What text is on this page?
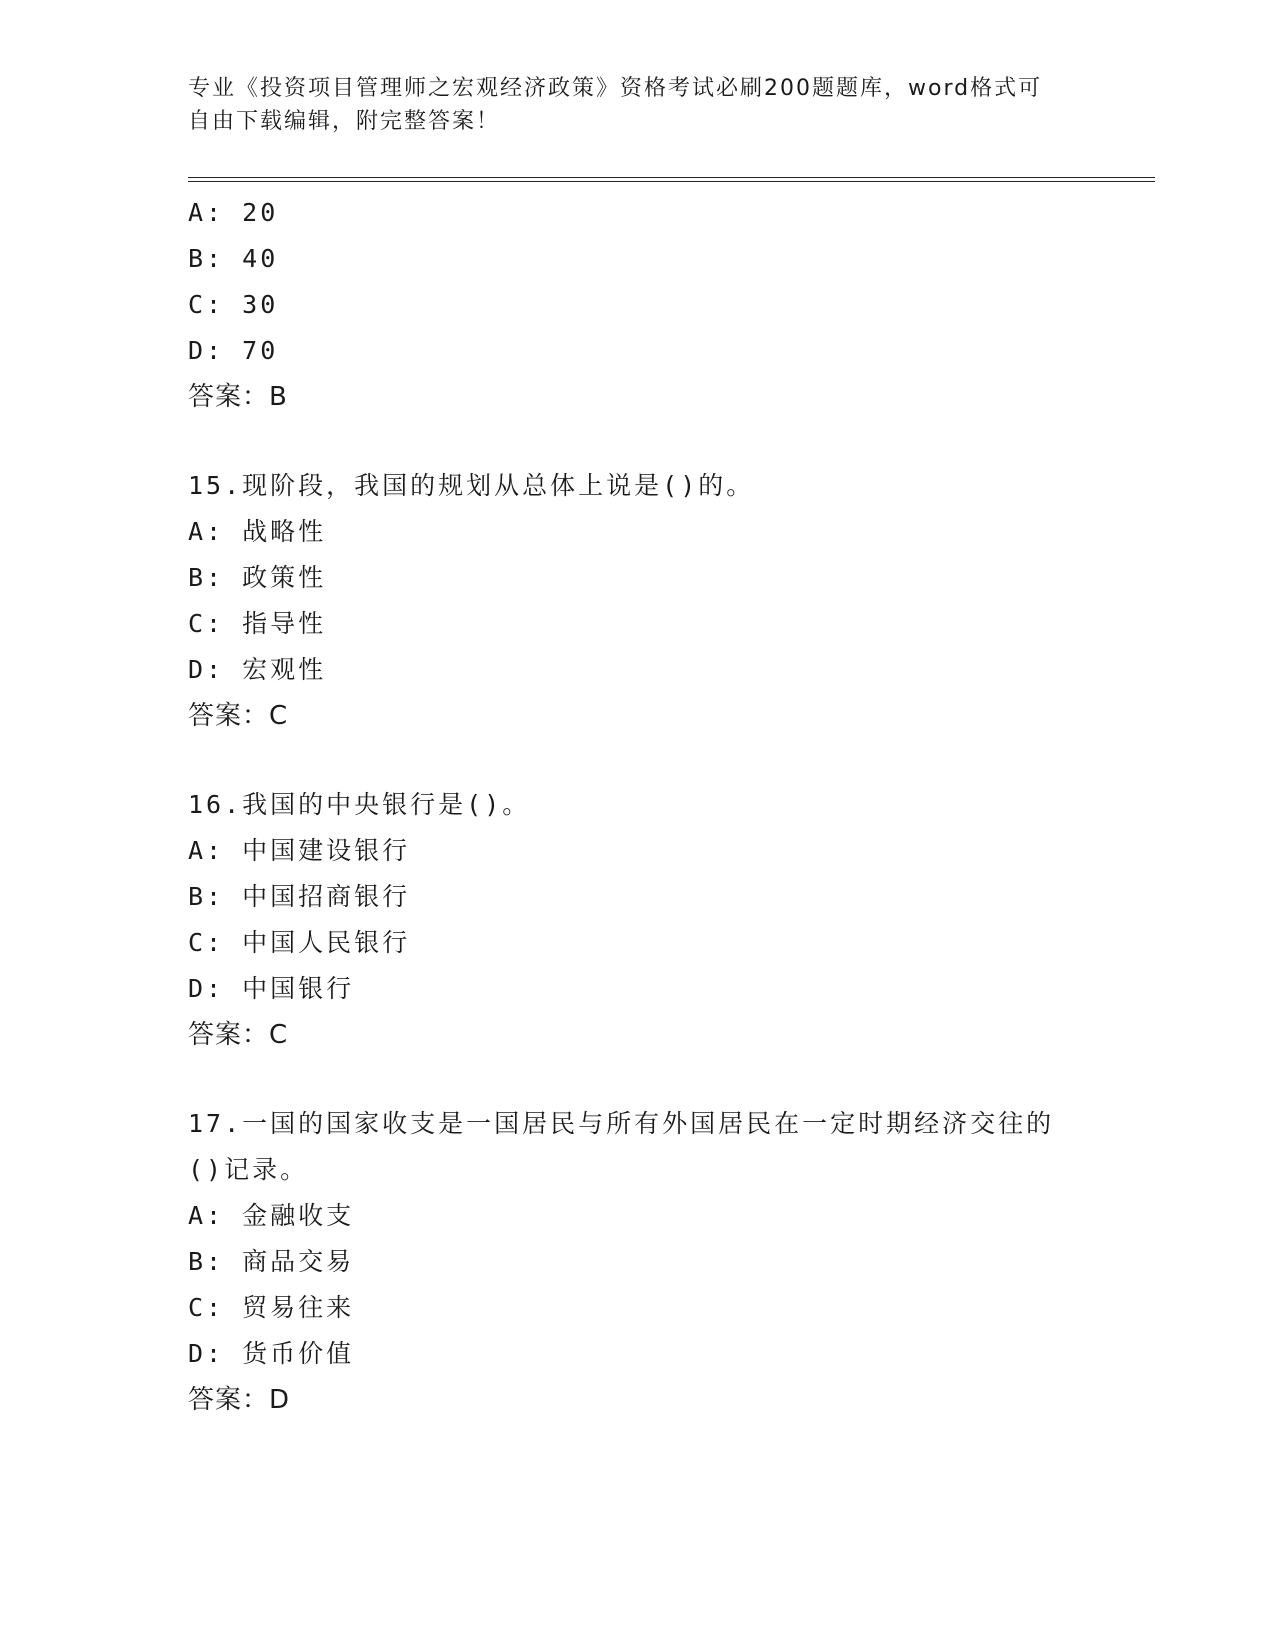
专业《投资项目管理师之宏观经济政策》资格考试必刷200题题库，word格式可
自由下载编辑，附完整答案！
A: 20
B: 40
C: 30
D: 70
答案：B
15.现阶段，我国的规划从总体上说是()的。
A: 战略性
B: 政策性
C: 指导性
D: 宏观性
答案：C
16.我国的中央银行是()。
A: 中国建设银行
B: 中国招商银行
C: 中国人民银行
D: 中国银行
答案：C
17.一国的国家收支是一国居民与所有外国居民在一定时期经济交往的()记录。
A: 金融收支
B: 商品交易
C: 贸易往来
D: 货币价值
答案：D
